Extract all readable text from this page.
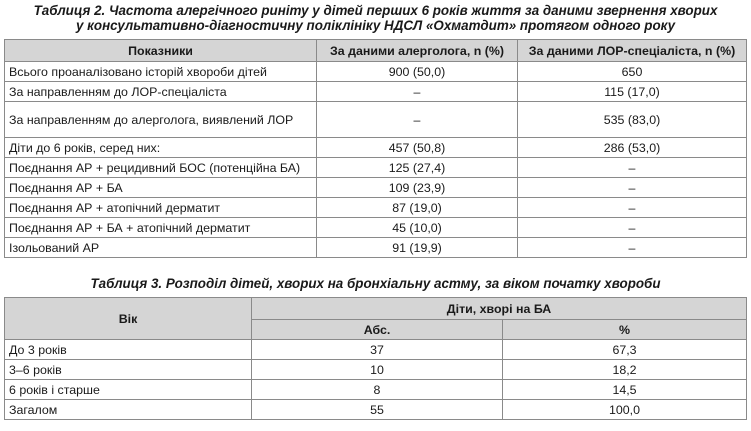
Таблиця 2. Частота алергічного риніту у дітей перших 6 років життя за даними звернення хворих
у консультативно-діагностичну поліклініку НДСЛ «Охматдит» протягом одного року
Показники	За даними алерголога, n (%)	За даними ЛОР-спеціаліста, n (%)
Всього проаналізовано історій хвороби дітей	900 (50,0)	650
За направленням до ЛОР-спеціаліста	–	115 (17,0)
За направленням до алерголога, виявлений ЛОР	–	535 (83,0)
Діти до 6 років, серед них:	457 (50,8)	286 (53,0)
Поєднання АР + рецидивний БОС (потенційна БА)	125 (27,4)	–
Поєднання АР + БА	109 (23,9)	–
Поєднання АР + атопічний дерматит	87 (19,0)	–
Поєднання АР + БА + атопічний дерматит	45 (10,0)	–
Ізольований АР	91 (19,9)	–
Таблиця 3. Розподіл дітей, хворих на бронхіальну астму, за віком початку хвороби
Вік	Діти, хворі на БА	
	Абс.	%
До 3 років	37	67,3
3–6 років	10	18,2
6 років і старше	8	14,5
Загалом	55	100,0
